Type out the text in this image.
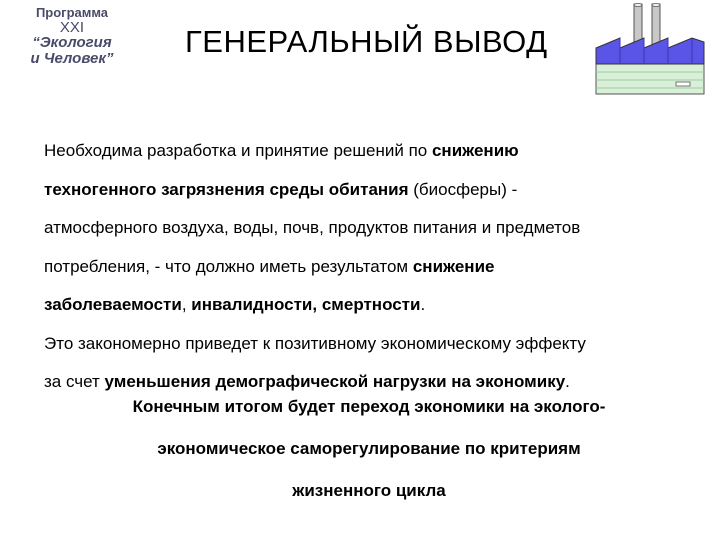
Программа
XXI
“Экология
и Человек” ГЕНЕРАЛЬНЫЙ ВЫВОД
Необходима разработка и принятие решений по снижению
техногенного загрязнения среды обитания (биосферы) -
атмосферного воздуха, воды, почв, продуктов питания и предметов
потребления, - что должно иметь результатом снижение
заболеваемости, инвалидности, смертности.
Это закономерно приведет к позитивному экономическому эффекту
за счет уменьшения демографической нагрузки на экономику.
Конечным итогом будет переход экономики на эколого-
экономическое саморегулирование по критериям
жизненного цикла
